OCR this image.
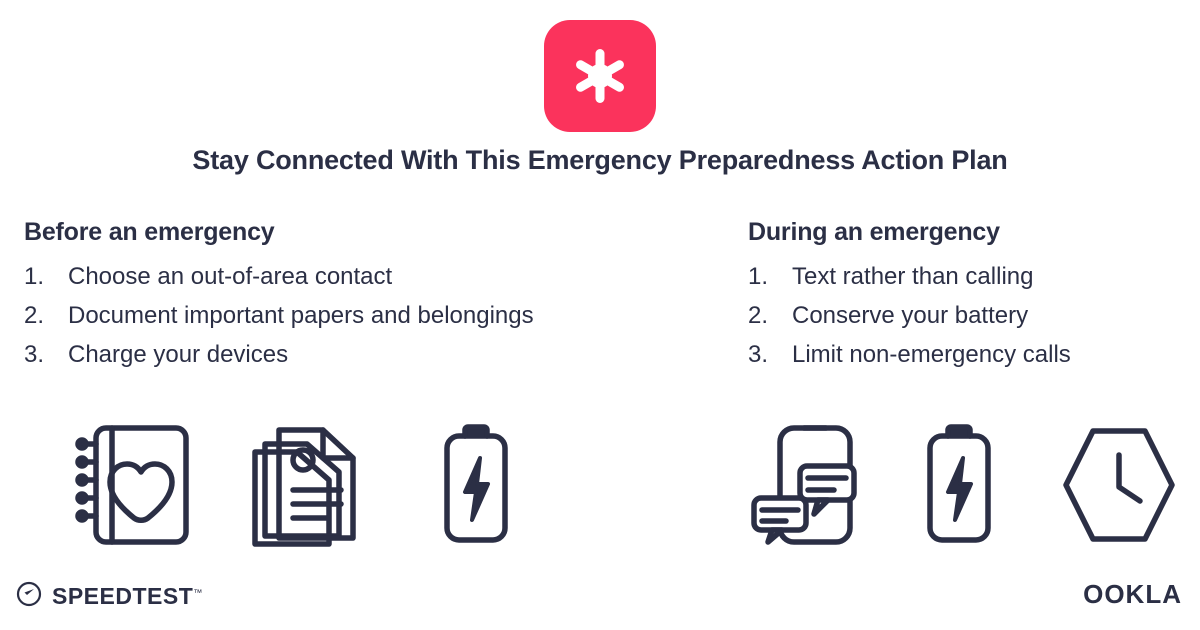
Stay Connected With This Emergency Preparedness Action Plan
Before an emergency
Choose an out-of-area contact
Document important papers and belongings
Charge your devices
During an emergency
Text rather than calling
Conserve your battery
Limit non-emergency calls
SPEEDTEST™	OOKLA
